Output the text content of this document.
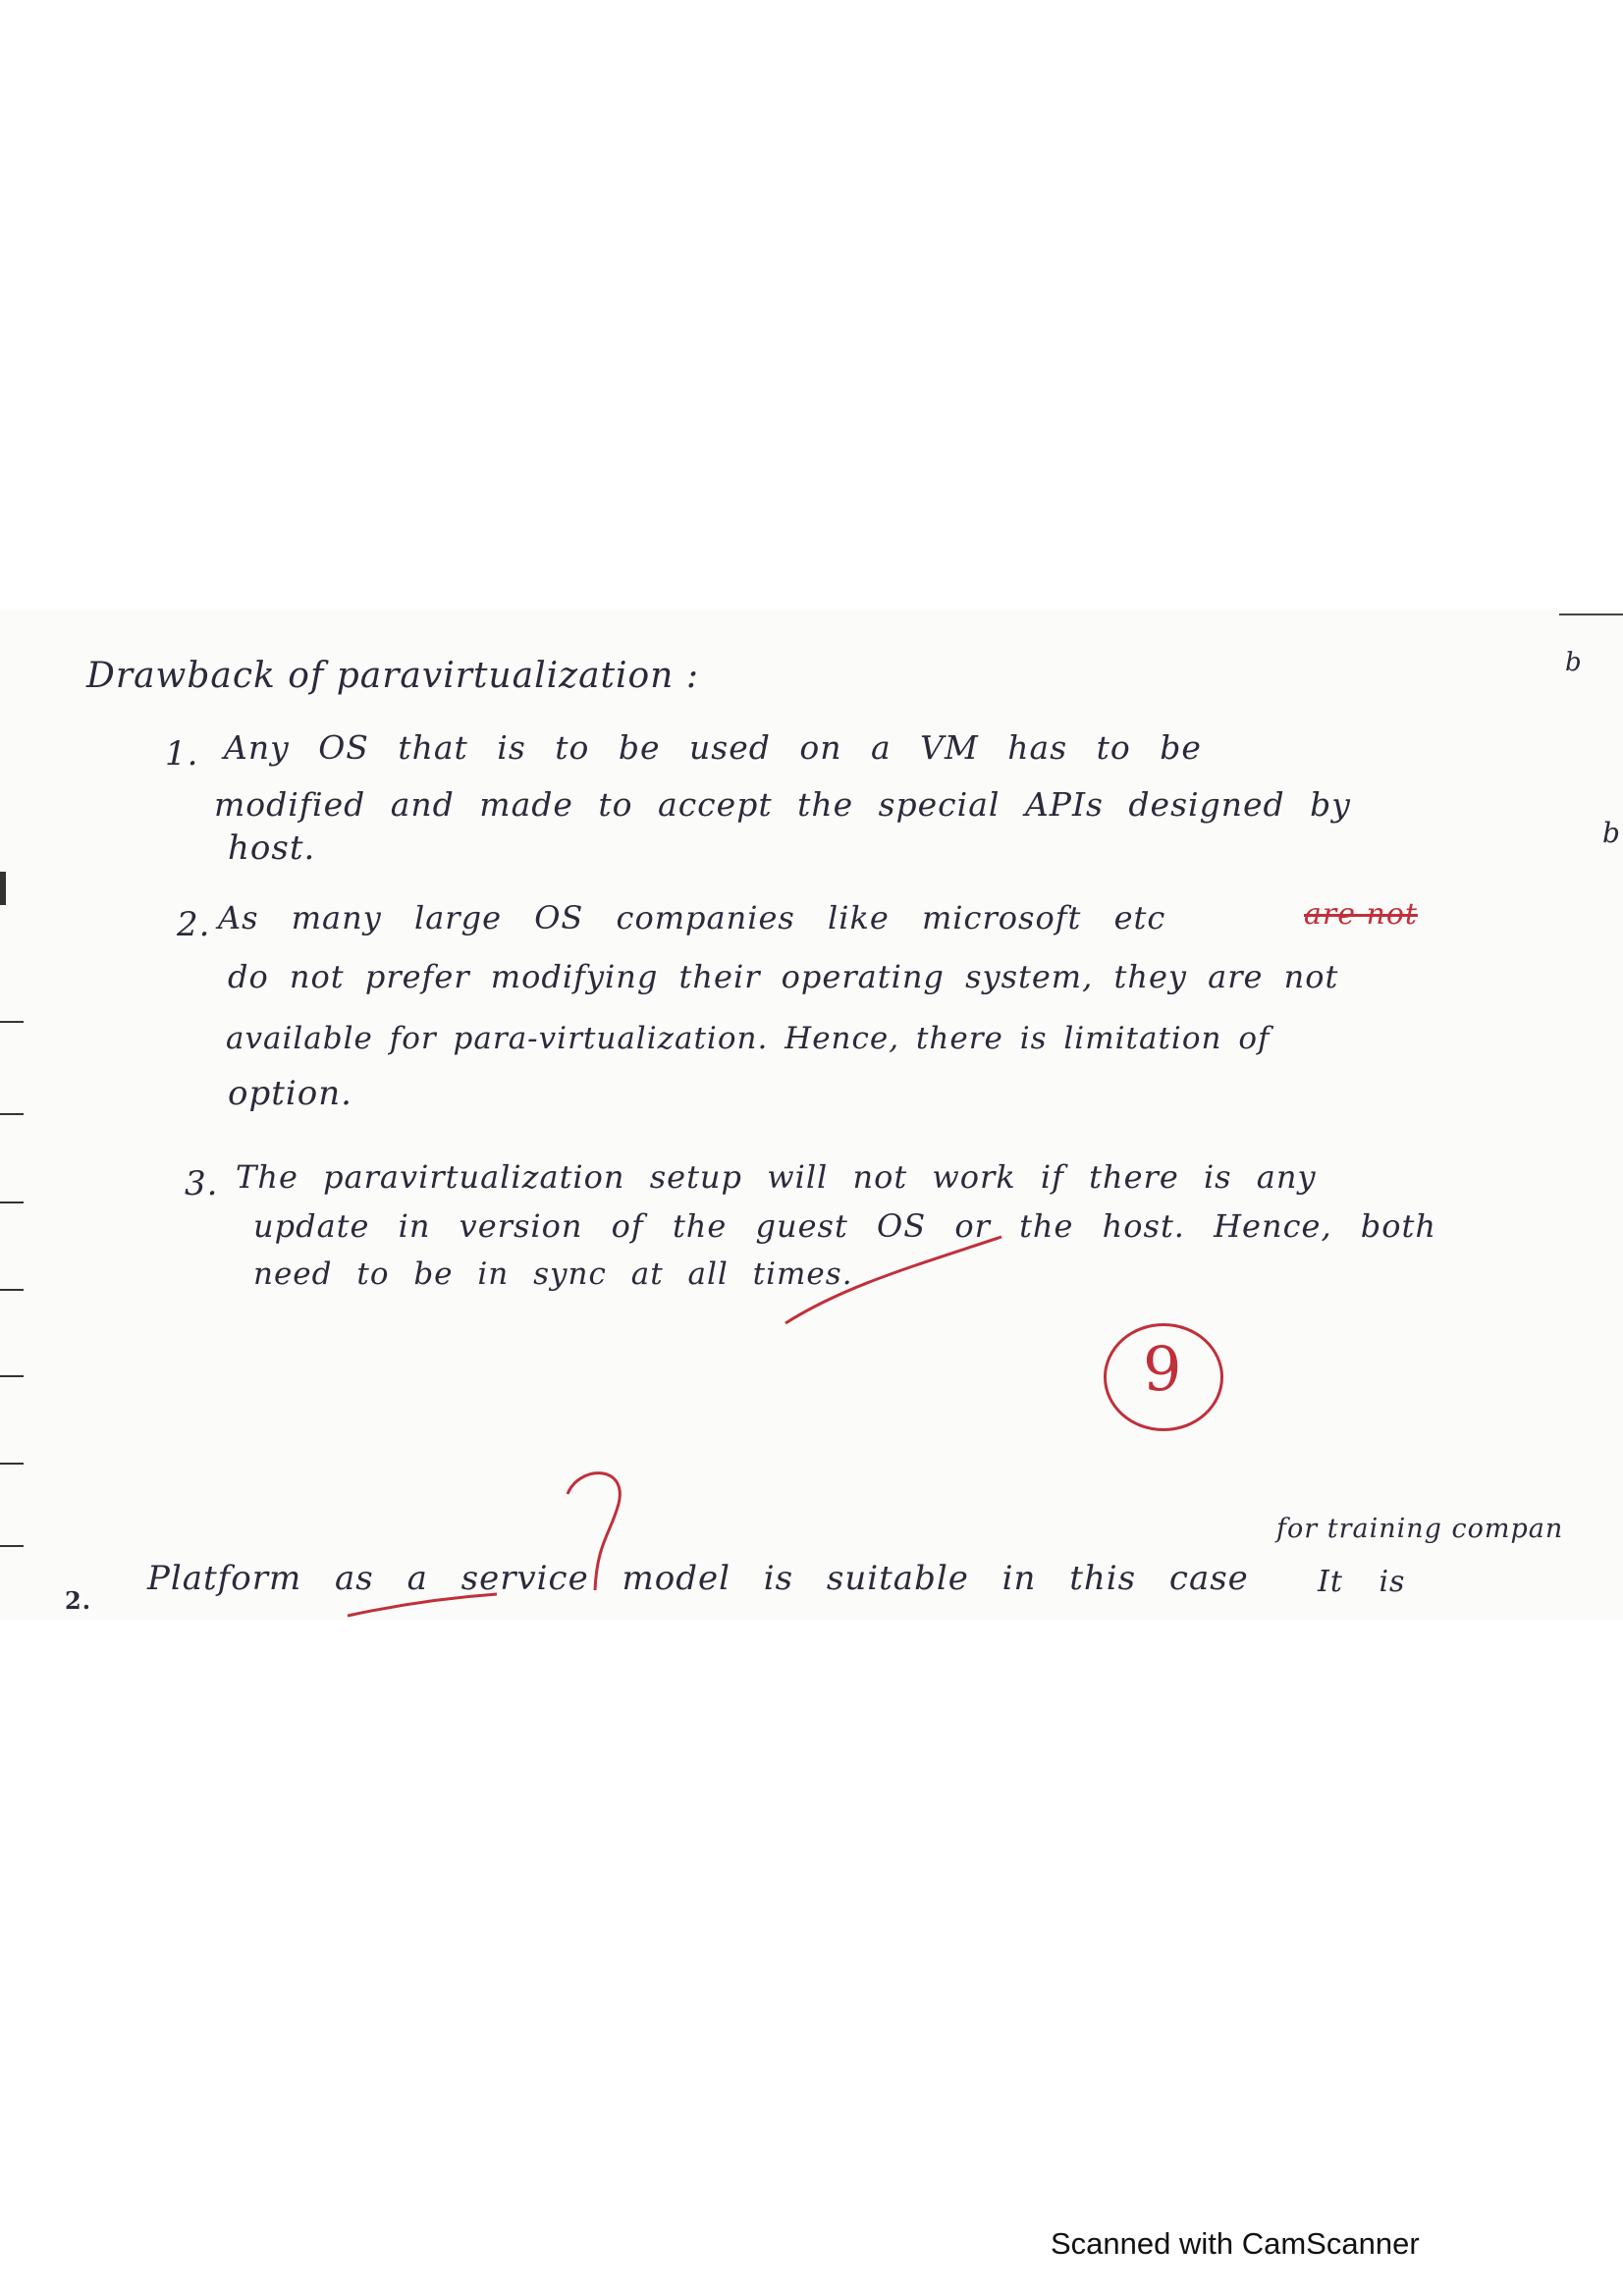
Drawback of paravirtualization :
1. Any OS that is to be used on a VM has to be
modified and made to accept the special APIs designed by
host.
2. As many large OS companies like microsoft etc	are not
do not prefer modifying their operating system, they are not
available for para-virtualization. Hence, there is limitation of
option.
3. The paravirtualization setup will not work if there is any
update in version of the guest OS or the host. Hence, both
need to be in sync at all times.
9
2.
Platform as a service model is suitable in this case
for training compan
It is
b
b
Scanned with CamScanner
